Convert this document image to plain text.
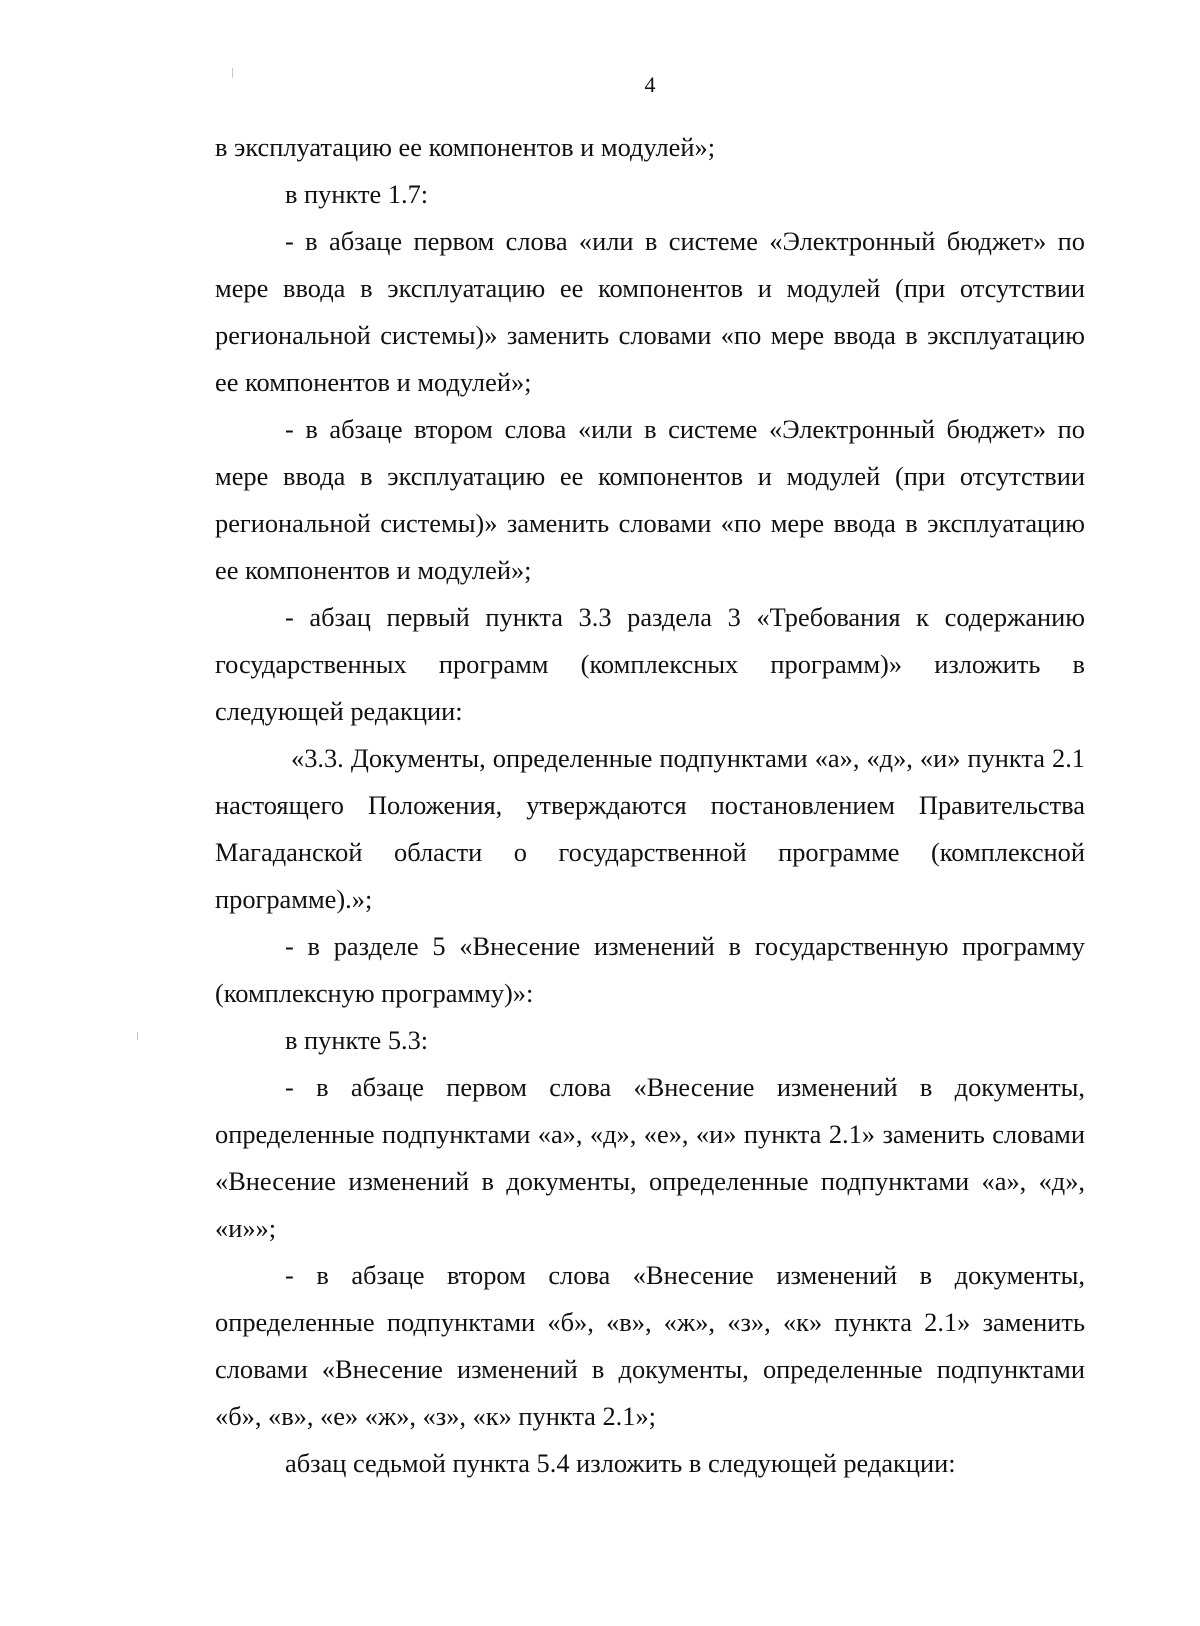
4

в эксплуатацию ее компонентов и модулей»;

в пункте 1.7:

- в абзаце первом слова «или в системе «Электронный бюджет» по мере ввода в эксплуатацию ее компонентов и модулей (при отсутствии региональной системы)» заменить словами «по мере ввода в эксплуатацию ее компонентов и модулей»;

- в абзаце втором слова «или в системе «Электронный бюджет» по мере ввода в эксплуатацию ее компонентов и модулей (при отсутствии региональной системы)» заменить словами «по мере ввода в эксплуатацию ее компонентов и модулей»;

- абзац первый пункта 3.3 раздела 3 «Требования к содержанию государственных программ (комплексных программ)» изложить в следующей редакции:

«3.3. Документы, определенные подпунктами «а», «д», «и» пункта 2.1 настоящего Положения, утверждаются постановлением Правительства Магаданской области о государственной программе (комплексной программе).»;

- в разделе 5 «Внесение изменений в государственную программу (комплексную программу)»:

в пункте 5.3:

- в абзаце первом слова «Внесение изменений в документы, определенные подпунктами «а», «д», «е», «и» пункта 2.1» заменить словами «Внесение изменений в документы, определенные подпунктами «а», «д», «и»»;

- в абзаце втором слова «Внесение изменений в документы, определенные подпунктами «б», «в», «ж», «з», «к» пункта 2.1» заменить словами «Внесение изменений в документы, определенные подпунктами «б», «в», «е» «ж», «з», «к» пункта 2.1»;

абзац седьмой пункта 5.4 изложить в следующей редакции:
